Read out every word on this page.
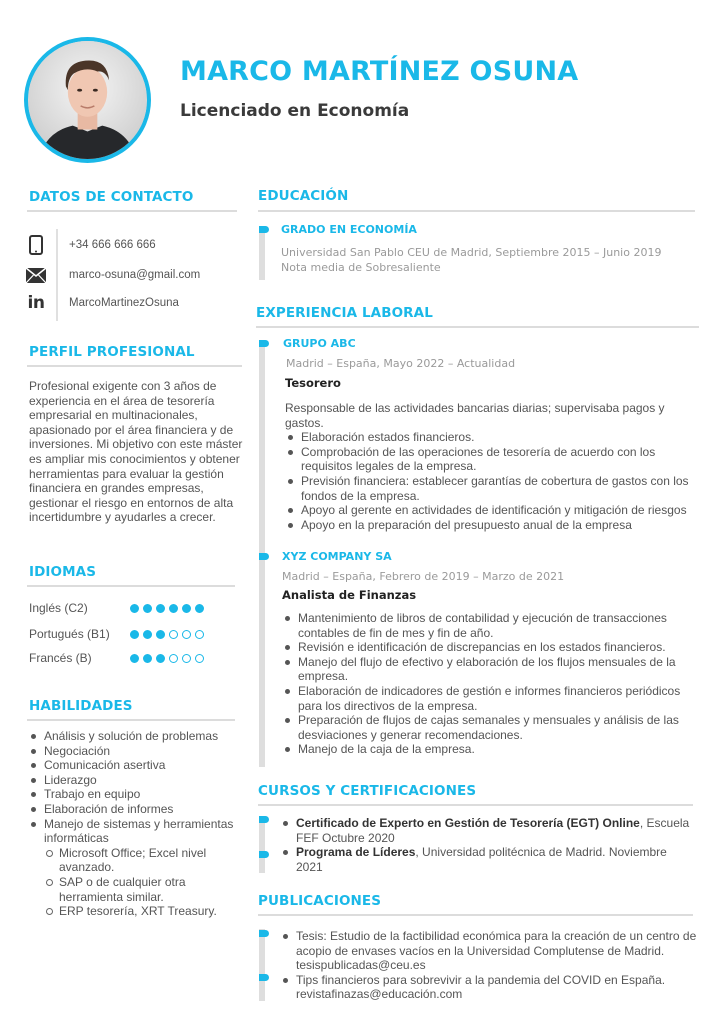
MARCO MARTÍNEZ OSUNA
Licenciado en Economía
DATOS DE CONTACTO
+34 666 666 666
marco-osuna@gmail.com
in MarcoMartinezOsuna
PERFIL PROFESIONAL
Profesional exigente con 3 años de experiencia en el área de tesorería empresarial en multinacionales, apasionado por el área financiera y de inversiones. Mi objetivo con este máster es ampliar mis conocimientos y obtener herramientas para evaluar la gestión financiera en grandes empresas, gestionar el riesgo en entornos de alta incertidumbre y ayudarles a crecer.
IDIOMAS
Inglés (C2)
Portugués (B1)
Francés (B)
HABILIDADES
Análisis y solución de problemas
Negociación
Comunicación asertiva
Liderazgo
Trabajo en equipo
Elaboración de informes
Manejo de sistemas y herramientas informáticas
Microsoft Office; Excel nivel avanzado.
SAP o de cualquier otra herramienta similar.
ERP tesorería, XRT Treasury.
EDUCACIÓN
GRADO EN ECONOMÍA
Universidad San Pablo CEU de Madrid, Septiembre 2015 – Junio 2019
Nota media de Sobresaliente
EXPERIENCIA LABORAL
GRUPO ABC
Madrid – España, Mayo 2022 – Actualidad
Tesorero
Responsable de las actividades bancarias diarias; supervisaba pagos y gastos.
Elaboración estados financieros.
Comprobación de las operaciones de tesorería de acuerdo con los requisitos legales de la empresa.
Previsión financiera: establecer garantías de cobertura de gastos con los fondos de la empresa.
Apoyo al gerente en actividades de identificación y mitigación de riesgos
Apoyo en la preparación del presupuesto anual de la empresa
XYZ COMPANY SA
Madrid – España, Febrero de 2019 – Marzo de 2021
Analista de Finanzas
Mantenimiento de libros de contabilidad y ejecución de transacciones contables de fin de mes y fin de año.
Revisión e identificación de discrepancias en los estados financieros.
Manejo del flujo de efectivo y elaboración de los flujos mensuales de la empresa.
Elaboración de indicadores de gestión e informes financieros periódicos para los directivos de la empresa.
Preparación de flujos de cajas semanales y mensuales y análisis de las desviaciones y generar recomendaciones.
Manejo de la caja de la empresa.
CURSOS Y CERTIFICACIONES
Certificado de Experto en Gestión de Tesorería (EGT) Online, Escuela FEF Octubre 2020
Programa de Líderes, Universidad politécnica de Madrid. Noviembre 2021
PUBLICACIONES
Tesis: Estudio de la factibilidad económica para la creación de un centro de acopio de envases vacíos en la Universidad Complutense de Madrid. tesispublicadas@ceu.es
Tips financieros para sobrevivir a la pandemia del COVID en España. revistafinazas@educación.com
